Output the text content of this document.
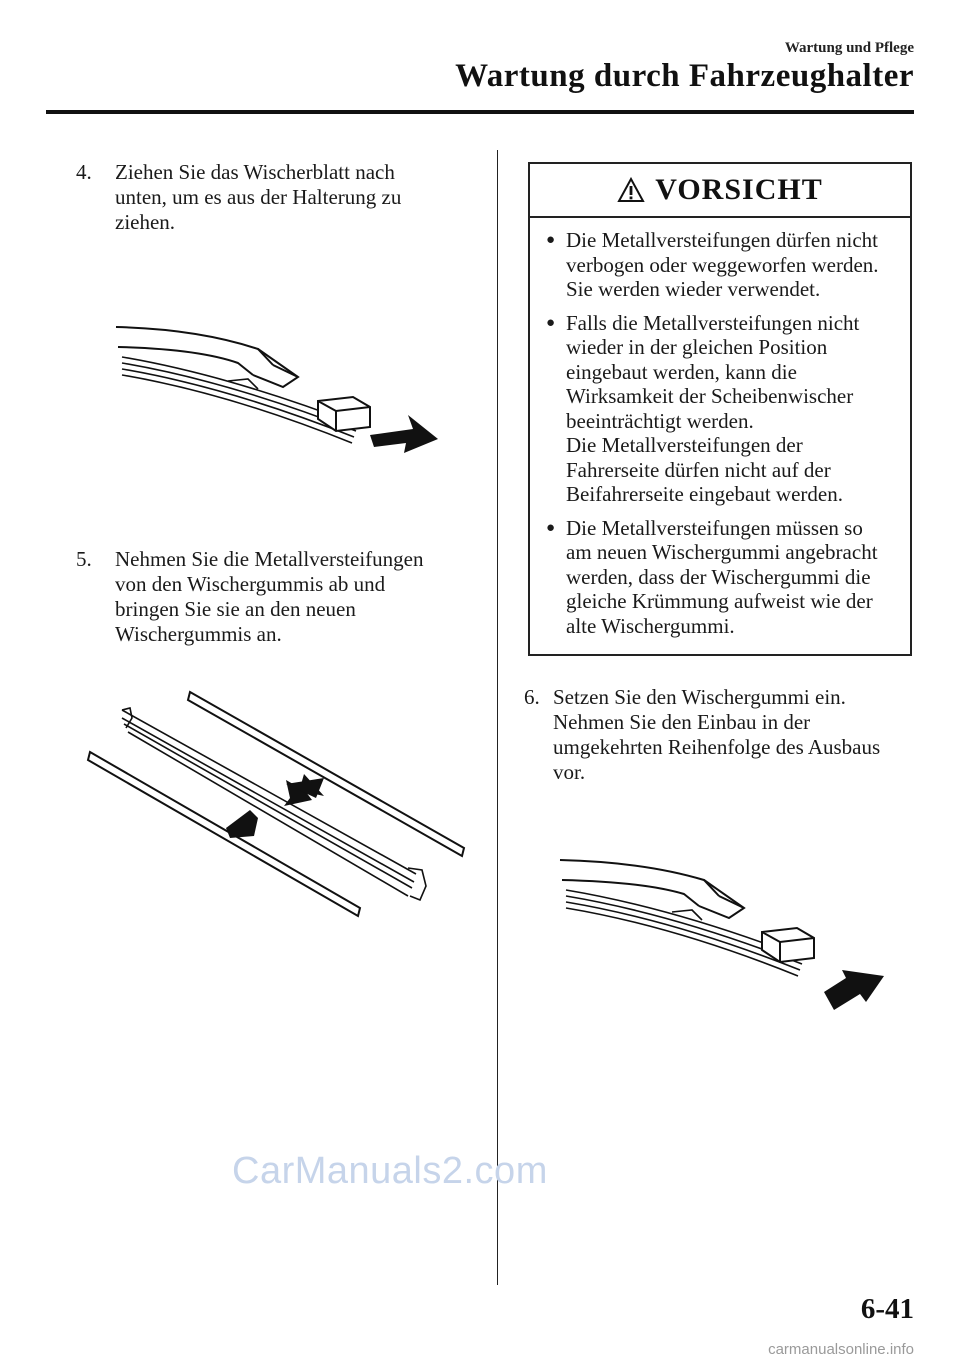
Wartung und Pflege
Wartung durch Fahrzeughalter
4. Ziehen Sie das Wischerblatt nach
unten, um es aus der Halterung zu
ziehen.
5. Nehmen Sie die Metallversteifungen
von den Wischergummis ab und
bringen Sie sie an den neuen
Wischergummis an.
VORSICHT
● Die Metallversteifungen dürfen nicht
verbogen oder weggeworfen werden.
Sie werden wieder verwendet.
● Falls die Metallversteifungen nicht
wieder in der gleichen Position
eingebaut werden, kann die
Wirksamkeit der Scheibenwischer
beeinträchtigt werden.
Die Metallversteifungen der
Fahrerseite dürfen nicht auf der
Beifahrerseite eingebaut werden.
● Die Metallversteifungen müssen so
am neuen Wischergummi angebracht
werden, dass der Wischergummi die
gleiche Krümmung aufweist wie der
alte Wischergummi.
6. Setzen Sie den Wischergummi ein.
Nehmen Sie den Einbau in der
umgekehrten Reihenfolge des Ausbaus
vor.
CarManuals2.com
6-41
carmanualsonline.info
